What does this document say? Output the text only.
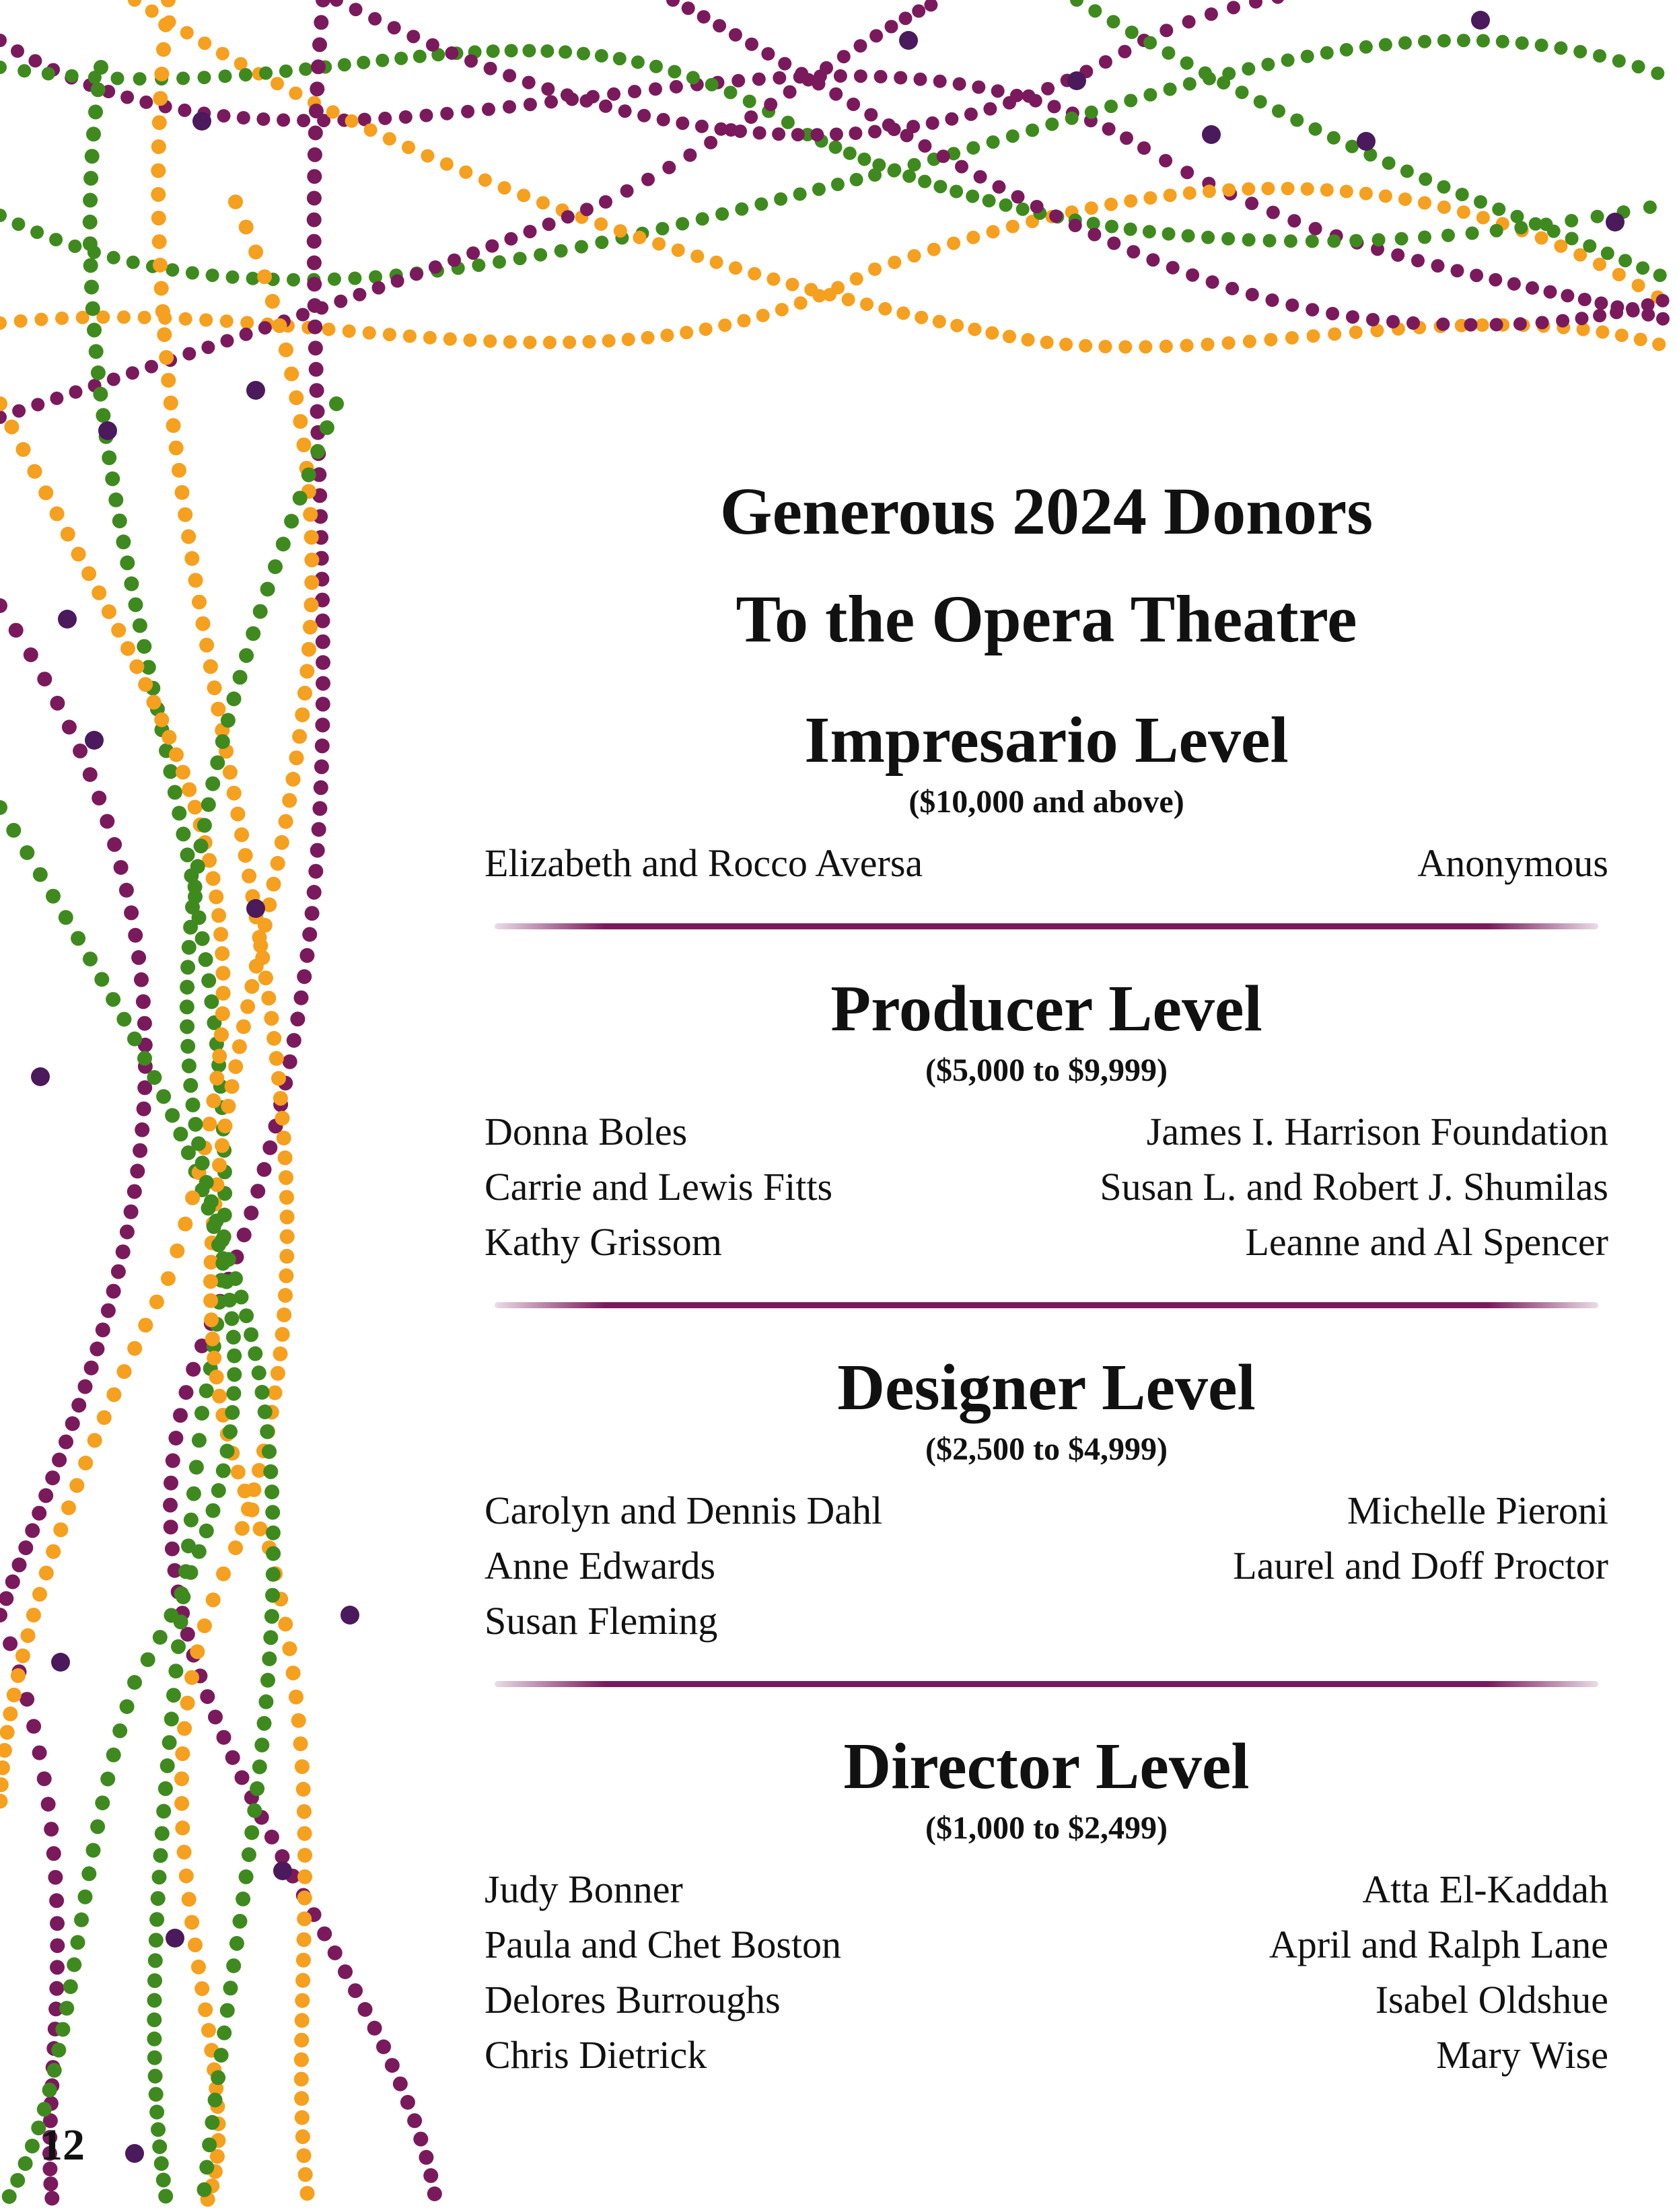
Generous 2024 Donors
To the Opera Theatre
Impresario Level
($10,000 and above)
Elizabeth and Rocco Aversa	Anonymous
Producer Level
($5,000 to $9,999)
Donna Boles
Carrie and Lewis Fitts
Kathy Grissom
James I. Harrison Foundation
Susan L. and Robert J. Shumilas
Leanne and Al Spencer
Designer Level
($2,500 to $4,999)
Carolyn and Dennis Dahl
Anne Edwards
Susan Fleming
Michelle Pieroni
Laurel and Doff Proctor
Director Level
($1,000 to $2,499)
Judy Bonner
Paula and Chet Boston
Delores Burroughs
Chris Dietrick
Atta El-Kaddah
April and Ralph Lane
Isabel Oldshue
Mary Wise
12
